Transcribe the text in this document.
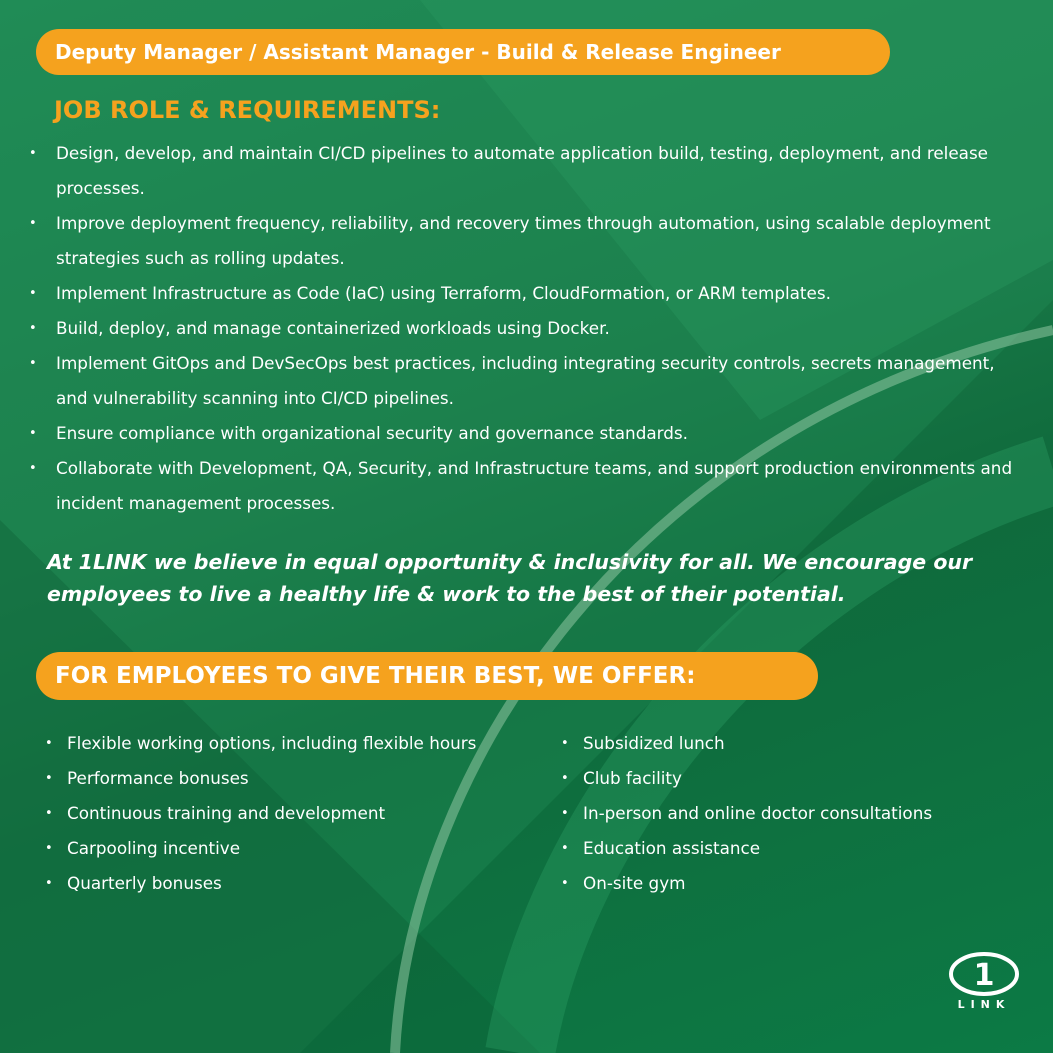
Deputy Manager / Assistant Manager - Build & Release Engineer
JOB ROLE & REQUIREMENTS:
• Design, develop, and maintain CI/CD pipelines to automate application build, testing, deployment, and release processes.
• Improve deployment frequency, reliability, and recovery times through automation, using scalable deployment strategies such as rolling updates.
• Implement Infrastructure as Code (IaC) using Terraform, CloudFormation, or ARM templates.
• Build, deploy, and manage containerized workloads using Docker.
• Implement GitOps and DevSecOps best practices, including integrating security controls, secrets management, and vulnerability scanning into CI/CD pipelines.
• Ensure compliance with organizational security and governance standards.
• Collaborate with Development, QA, Security, and Infrastructure teams, and support production environments and incident management processes.

At 1LINK we believe in equal opportunity & inclusivity for all. We encourage our employees to live a healthy life & work to the best of their potential.

FOR EMPLOYEES TO GIVE THEIR BEST, WE OFFER:
• Flexible working options, including flexible hours
• Performance bonuses
• Continuous training and development
• Carpooling incentive
• Quarterly bonuses
• Subsidized lunch
• Club facility
• In-person and online doctor consultations
• Education assistance
• On-site gym
1
LINK
